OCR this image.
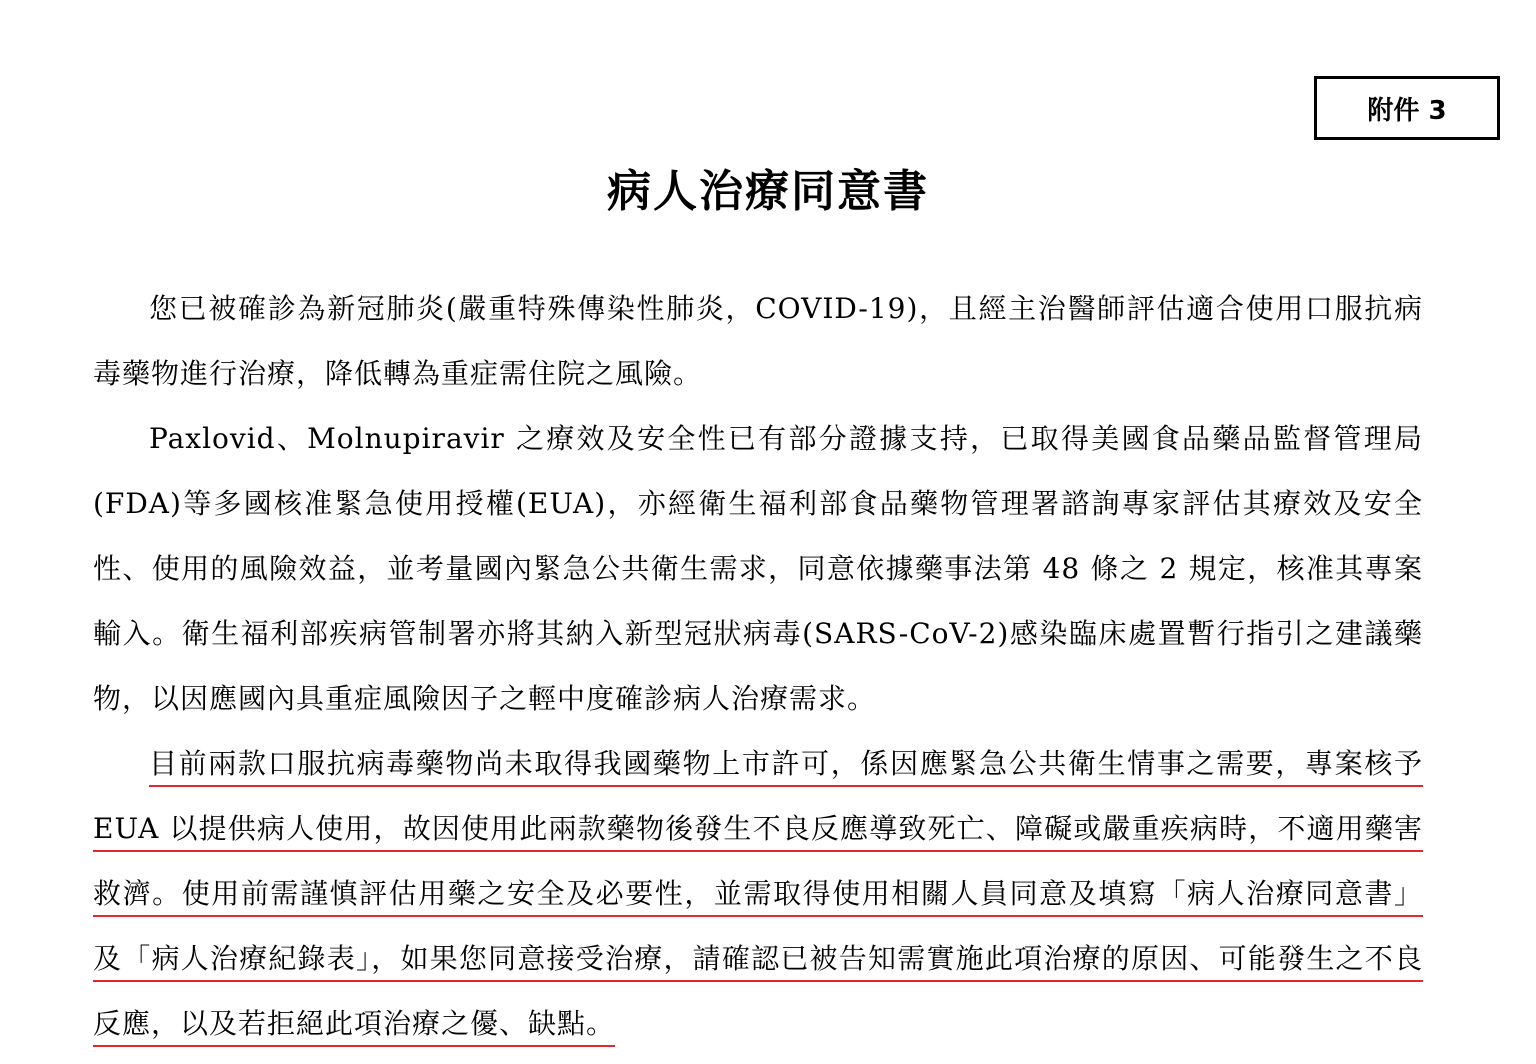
附件 3
病人治療同意書

您已被確診為新冠肺炎(嚴重特殊傳染性肺炎，COVID-19)，且經主治醫師評估適合使用口服抗病毒藥物進行治療，降低轉為重症需住院之風險。

Paxlovid、Molnupiravir 之療效及安全性已有部分證據支持，已取得美國食品藥品監督管理局(FDA)等多國核准緊急使用授權(EUA)，亦經衛生福利部食品藥物管理署諮詢專家評估其療效及安全性、使用的風險效益，並考量國內緊急公共衛生需求，同意依據藥事法第 48 條之 2 規定，核准其專案輸入。衛生福利部疾病管制署亦將其納入新型冠狀病毒(SARS-CoV-2)感染臨床處置暫行指引之建議藥物，以因應國內具重症風險因子之輕中度確診病人治療需求。

目前兩款口服抗病毒藥物尚未取得我國藥物上市許可，係因應緊急公共衛生情事之需要，專案核予 EUA 以提供病人使用，故因使用此兩款藥物後發生不良反應導致死亡、障礙或嚴重疾病時，不適用藥害救濟。使用前需謹慎評估用藥之安全及必要性，並需取得使用相關人員同意及填寫「病人治療同意書」及「病人治療紀錄表」，如果您同意接受治療，請確認已被告知需實施此項治療的原因、可能發生之不良反應，以及若拒絕此項治療之優、缺點。
